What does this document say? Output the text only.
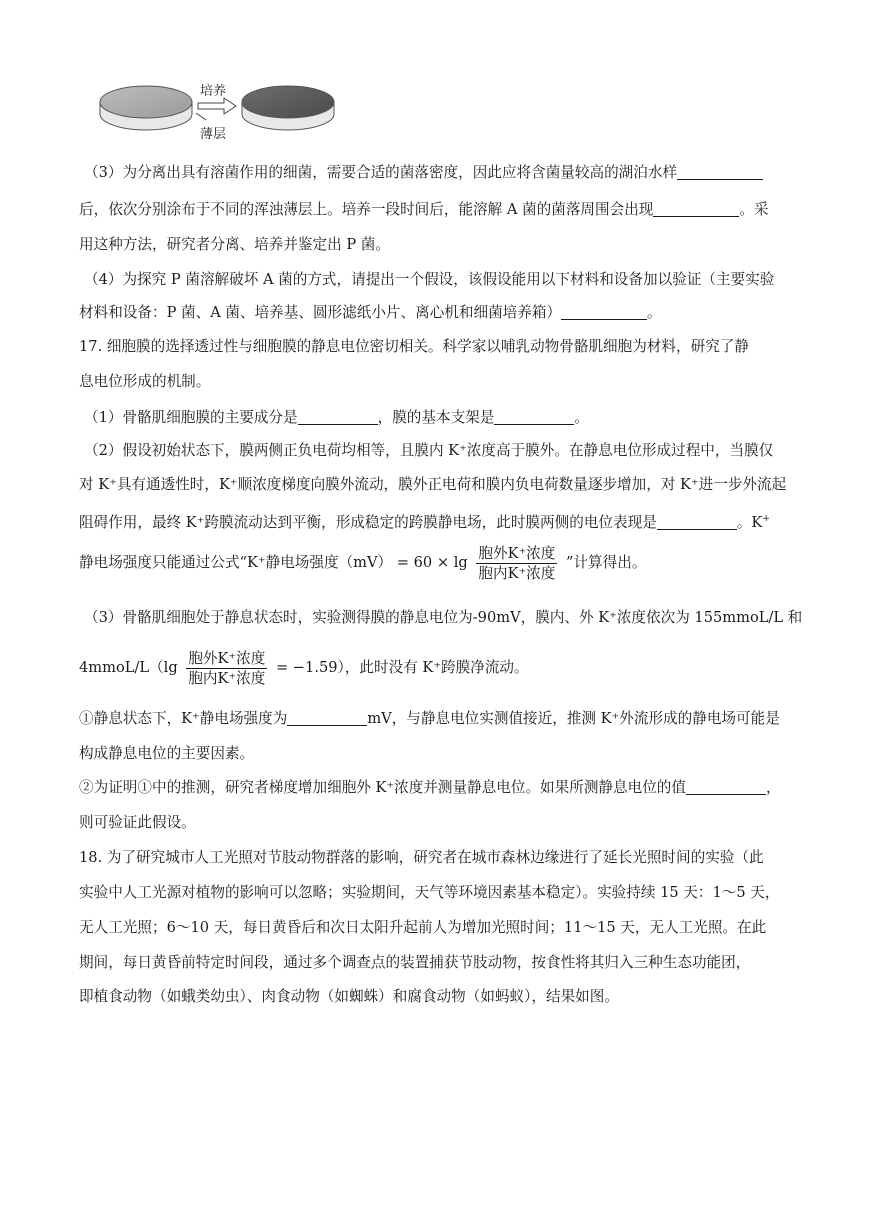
培养
薄层
（3）为分离出具有溶菌作用的细菌，需要合适的菌落密度，因此应将含菌量较高的湖泊水样
后，依次分别涂布于不同的浑浊薄层上。培养一段时间后，能溶解 A 菌的菌落周围会出现	。采
用这种方法，研究者分离、培养并鉴定出 P 菌。
（4）为探究 P 菌溶解破坏 A 菌的方式，请提出一个假设，该假设能用以下材料和设备加以验证（主要实验
材料和设备：P 菌、A 菌、培养基、圆形滤纸小片、离心机和细菌培养箱）	。
17. 细胞膜的选择透过性与细胞膜的静息电位密切相关。科学家以哺乳动物骨骼肌细胞为材料，研究了静
息电位形成的机制。
（1）骨骼肌细胞膜的主要成分是	，膜的基本支架是	。
（2）假设初始状态下，膜两侧正负电荷均相等，且膜内 K⁺浓度高于膜外。在静息电位形成过程中，当膜仅
对 K⁺具有通透性时，K⁺顺浓度梯度向膜外流动，膜外正电荷和膜内负电荷数量逐步增加，对 K⁺进一步外流起
阻碍作用，最终 K⁺跨膜流动达到平衡，形成稳定的跨膜静电场，此时膜两侧的电位表现是	。K+
静电场强度只能通过公式“K⁺静电场强度$(mV) = 60 \times \lg \frac{\text{胞外K⁺浓度}}{\text{胞内K⁺浓度}}$ ”计算得出。
（3）骨骼肌细胞处于静息状态时，实验测得膜的静息电位为-90mV，膜内、外 K⁺浓度依次为 155mmoL/L 和
4mmoL/L（lg $\frac{\text{胞外K⁺浓度}}{\text{胞内K⁺浓度}} = -1.59$），此时没有 K⁺跨膜净流动。
①静息状态下，K⁺静电场强度为	mV，与静息电位实测值接近，推测 K⁺外流形成的静电场可能是
构成静息电位的主要因素。
②为证明①中的推测，研究者梯度增加细胞外 K⁺浓度并测量静息电位。如果所测静息电位的值	，
则可验证此假设。
18. 为了研究城市人工光照对节肢动物群落的影响，研究者在城市森林边缘进行了延长光照时间的实验（此
实验中人工光源对植物的影响可以忽略；实验期间，天气等环境因素基本稳定）。实验持续 15 天：1～5 天，
无人工光照；6～10 天，每日黄昏后和次日太阳升起前人为增加光照时间；11～15 天，无人工光照。在此
期间，每日黄昏前特定时间段，通过多个调查点的装置捕获节肢动物，按食性将其归入三种生态功能团，
即植食动物（如蛾类幼虫）、肉食动物（如蜘蛛）和腐食动物（如蚂蚁），结果如图。
